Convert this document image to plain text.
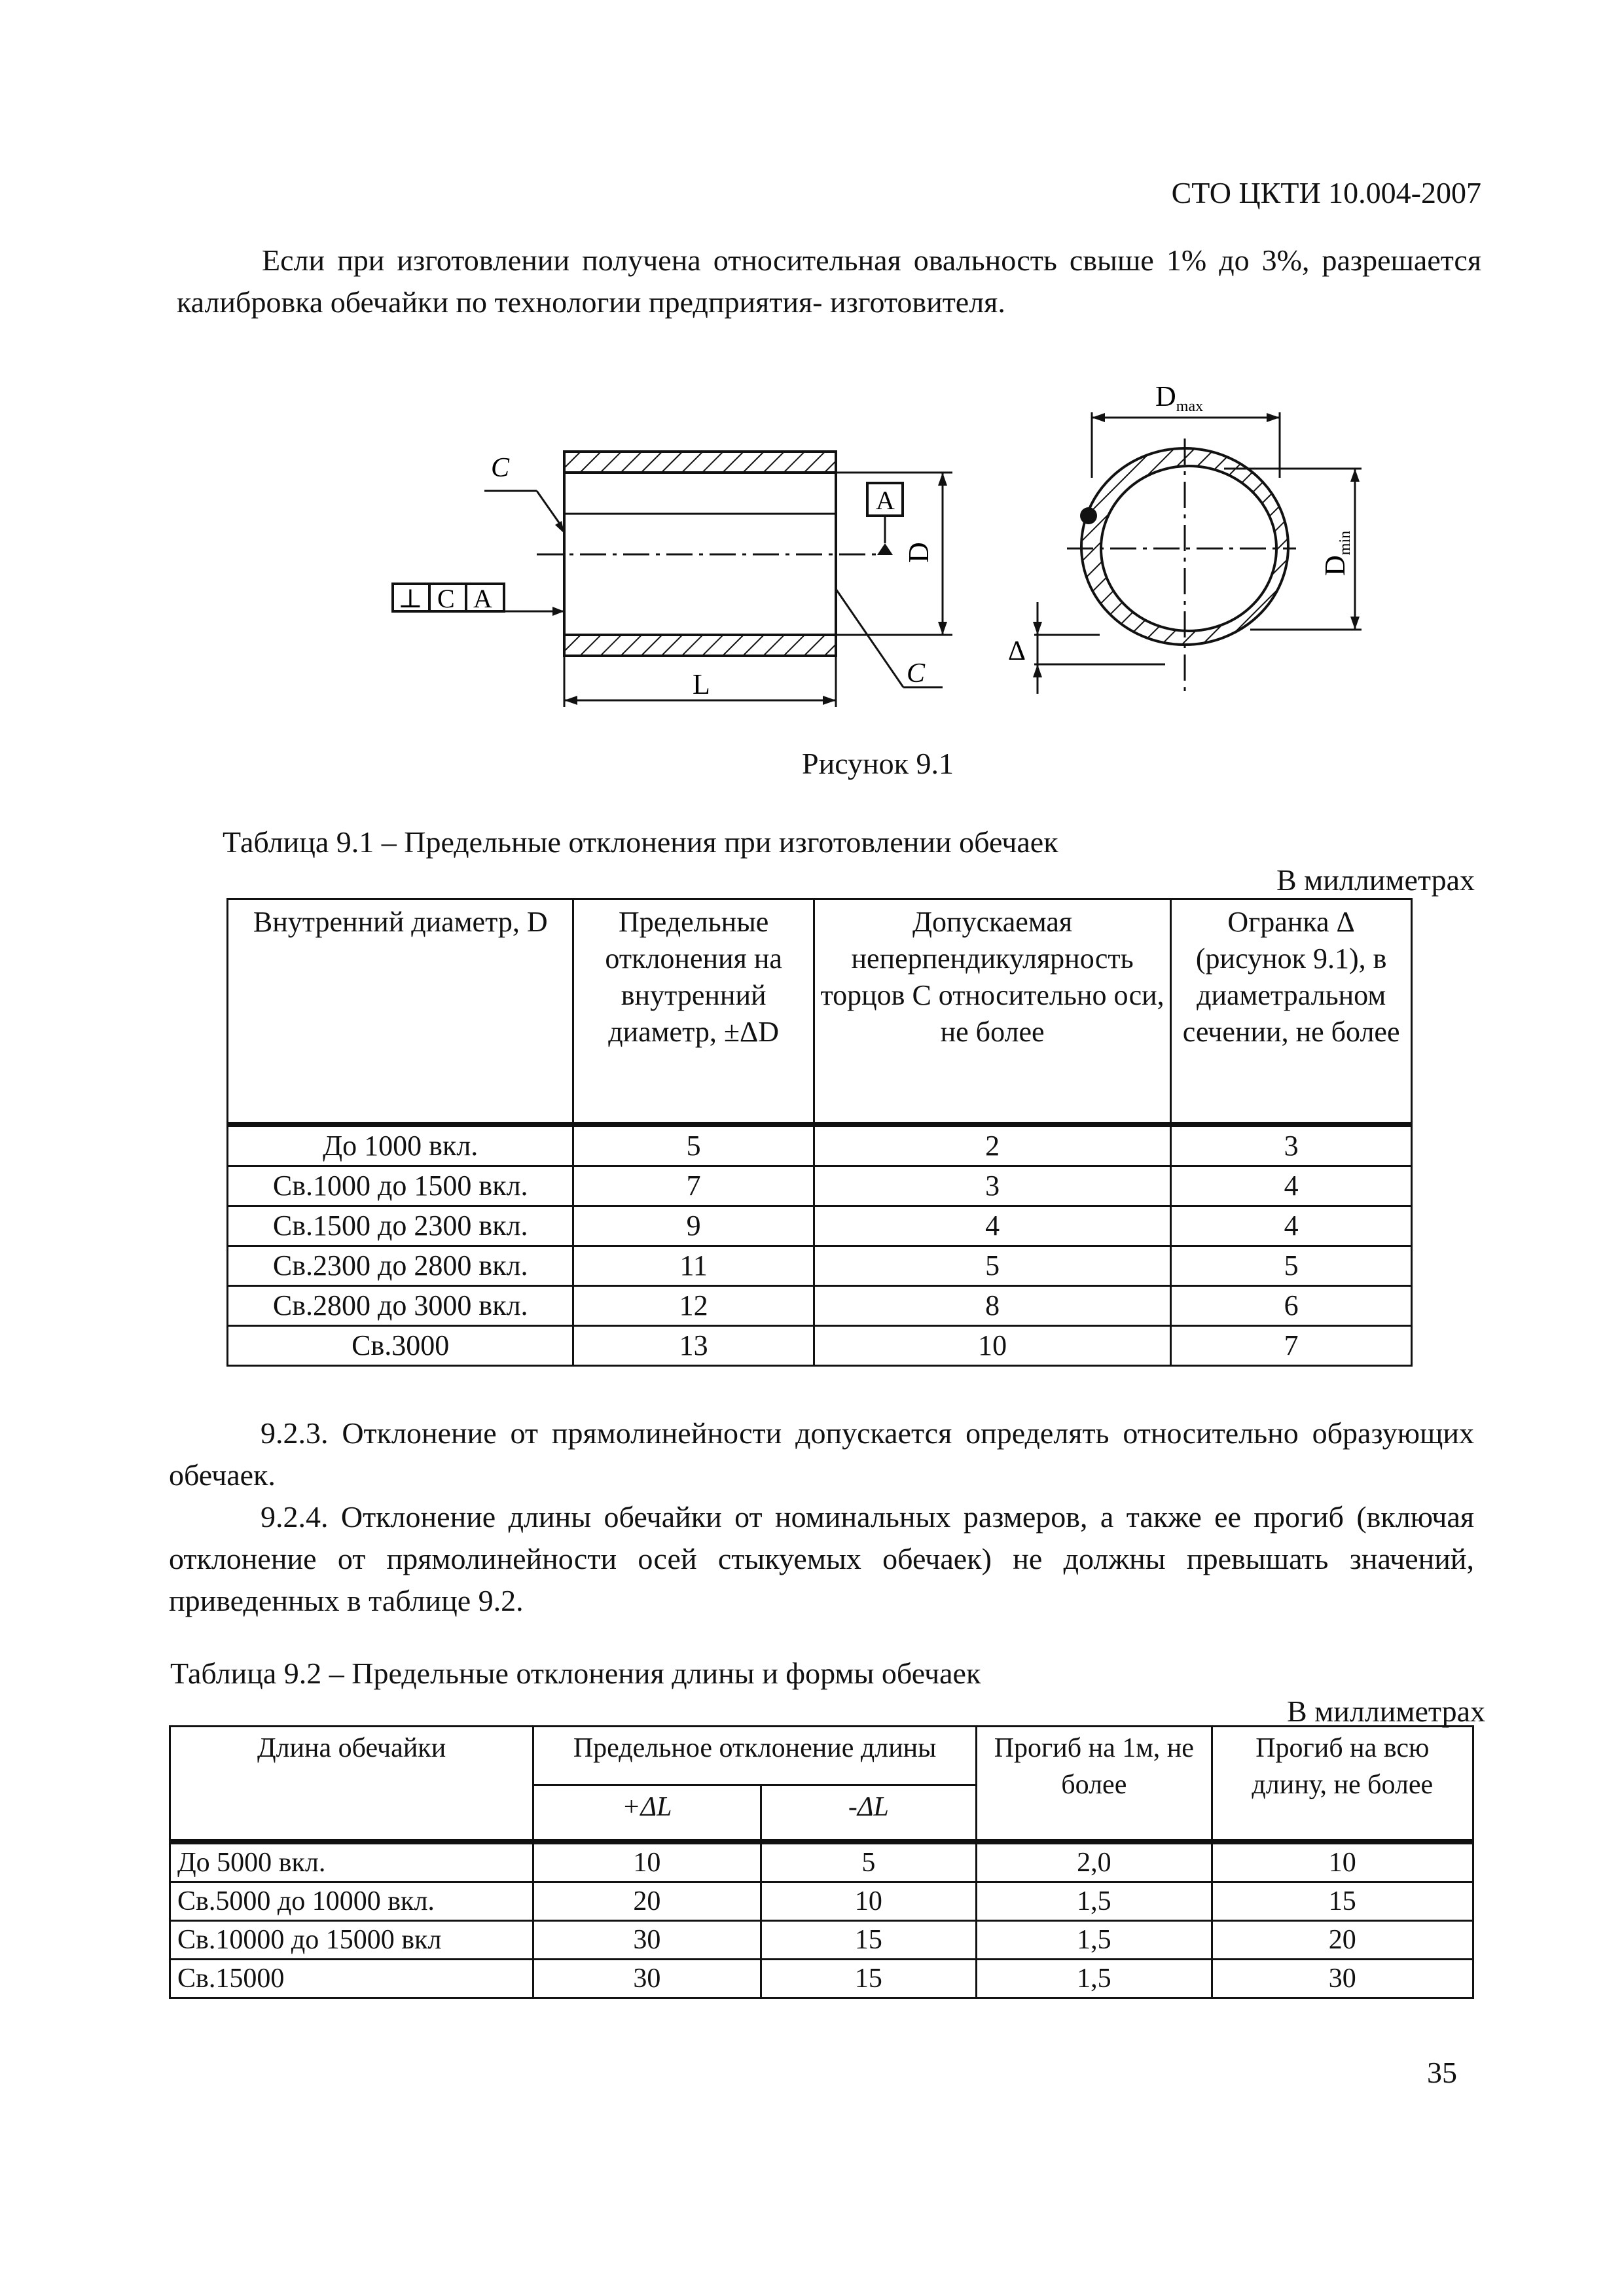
СТО ЦКТИ 10.004-2007
Если при изготовлении получена относительная овальность свыше 1% до 3%, разрешается калибровка обечайки по технологии предприятия- изготовителя.
C
⊥ C A
A
D
C
L
Dmax
Dmin
Δ
Рисунок 9.1
Таблица 9.1 – Предельные отклонения при изготовлении обечаек
В миллиметрах
Внутренний диаметр, D	Предельные отклонения на внутренний диаметр, ±ΔD	Допускаемая неперпендикулярность торцов С относительно оси, не более	Огранка Δ (рисунок 9.1), в диаметральном сечении, не более
До 1000 вкл.	5	2	3
Св.1000 до 1500 вкл.	7	3	4
Св.1500 до 2300 вкл.	9	4	4
Св.2300 до 2800 вкл.	11	5	5
Св.2800 до 3000 вкл.	12	8	6
Св.3000	13	10	7
9.2.3. Отклонение от прямолинейности допускается определять относительно образующих обечаек.
9.2.4. Отклонение длины обечайки от номинальных размеров, а также ее прогиб (включая отклонение от прямолинейности осей стыкуемых обечаек) не должны превышать значений, приведенных в таблице 9.2.
Таблица 9.2 – Предельные отклонения длины и формы обечаек
В миллиметрах
Длина обечайки	Предельное отклонение длины		Прогиб на 1м, не более	Прогиб на всю длину, не более
	+ΔL	-ΔL		
До 5000 вкл.	10	5	2,0	10
Св.5000 до 10000 вкл.	20	10	1,5	15
Св.10000 до 15000 вкл	30	15	1,5	20
Св.15000	30	15	1,5	30
35
